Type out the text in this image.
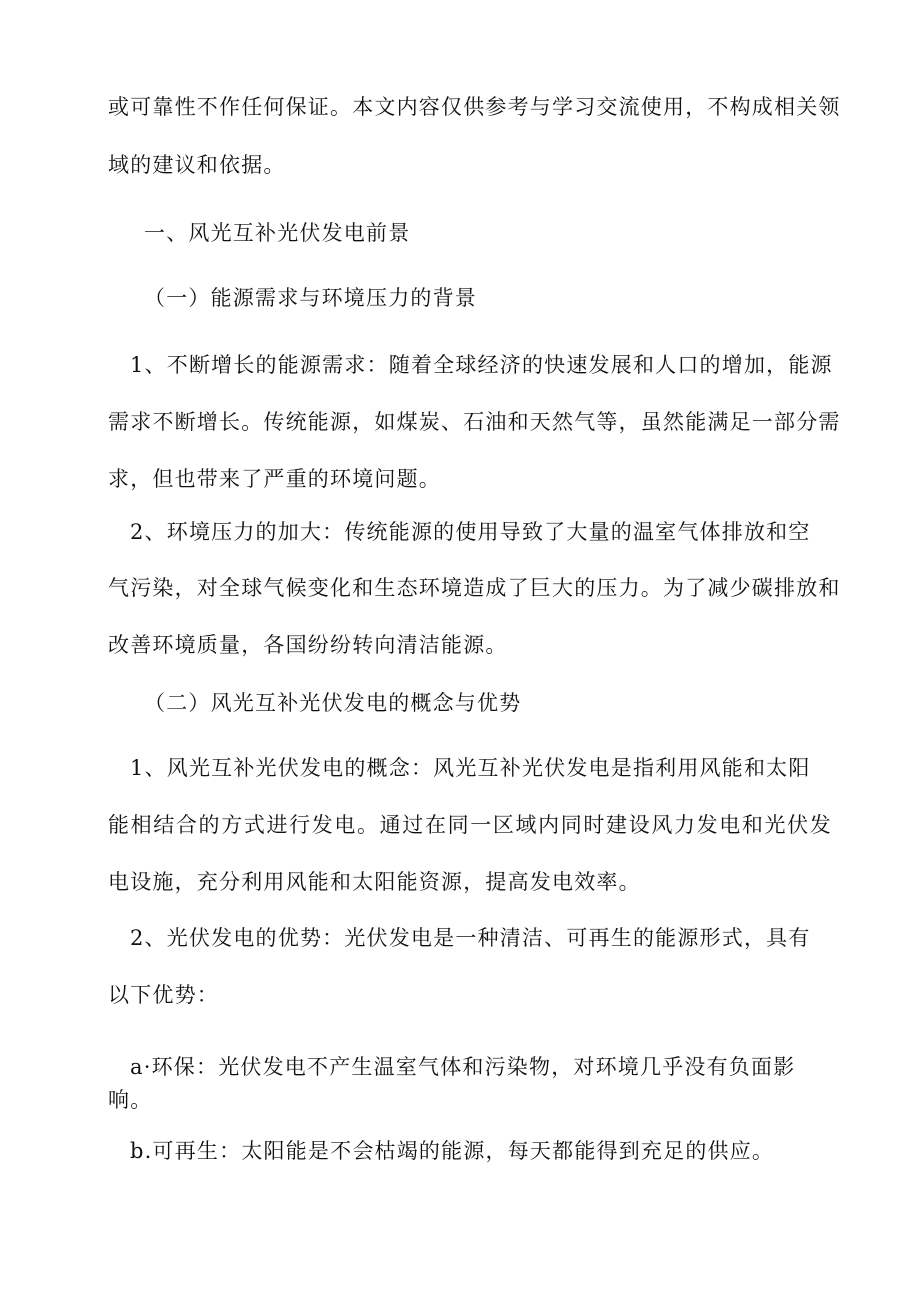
或可靠性不作任何保证。本文内容仅供参考与学习交流使用，不构成相关领
域的建议和依据。
一、风光互补光伏发电前景
（一）能源需求与环境压力的背景
1、不断增长的能源需求：随着全球经济的快速发展和人口的增加，能源
需求不断增长。传统能源，如煤炭、石油和天然气等，虽然能满足一部分需
求，但也带来了严重的环境问题。
2、环境压力的加大：传统能源的使用导致了大量的温室气体排放和空
气污染，对全球气候变化和生态环境造成了巨大的压力。为了减少碳排放和
改善环境质量，各国纷纷转向清洁能源。
（二）风光互补光伏发电的概念与优势
1、风光互补光伏发电的概念：风光互补光伏发电是指利用风能和太阳
能相结合的方式进行发电。通过在同一区域内同时建设风力发电和光伏发
电设施，充分利用风能和太阳能资源，提高发电效率。
2、光伏发电的优势：光伏发电是一种清洁、可再生的能源形式，具有
以下优势：
a·环保：光伏发电不产生温室气体和污染物，对环境几乎没有负面影
响。
b.可再生：太阳能是不会枯竭的能源，每天都能得到充足的供应。
